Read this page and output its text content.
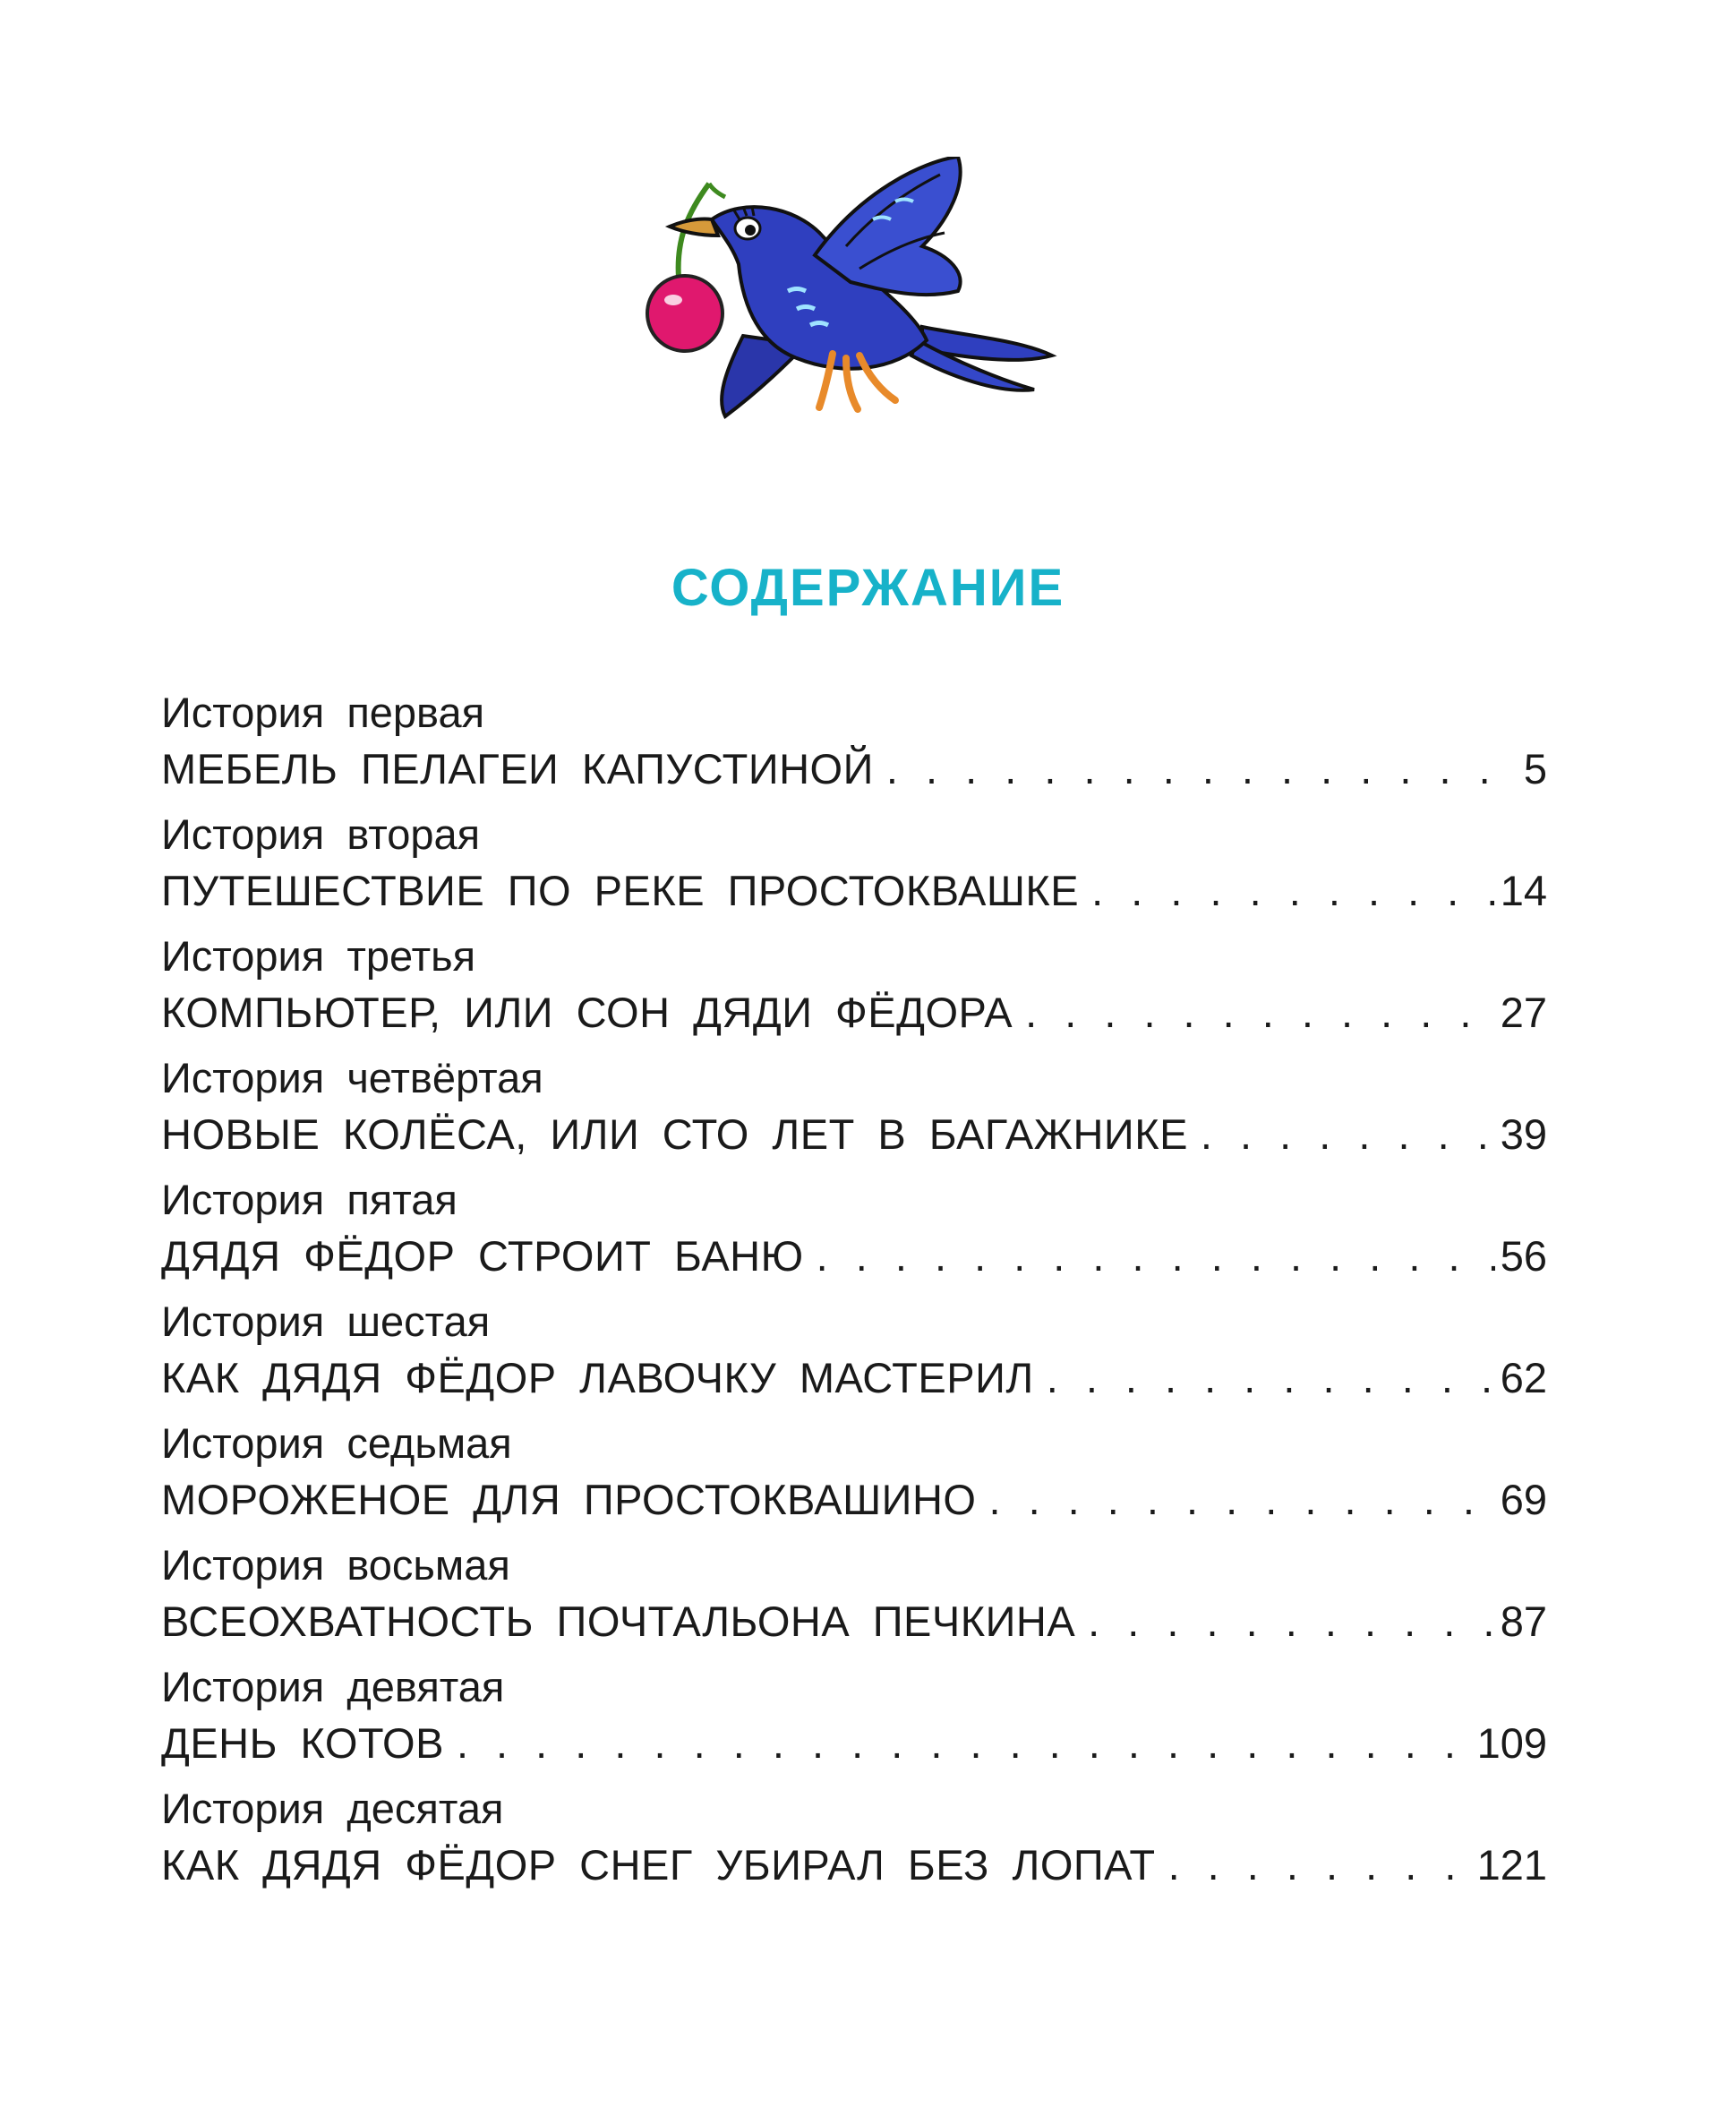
СОДЕРЖАНИЕ
История первая
МЕБЕЛЬ ПЕЛАГЕИ КАПУСТИНОЙ . . .	5
История вторая
ПУТЕШЕСТВИЕ ПО РЕКЕ ПРОСТОКВАШКЕ . . .	14
История третья
КОМПЬЮТЕР, ИЛИ СОН ДЯДИ ФЁДОРА . . .	27
История четвёртая
НОВЫЕ КОЛЁСА, ИЛИ СТО ЛЕТ В БАГАЖНИКЕ . . .	39
История пятая
ДЯДЯ ФЁДОР СТРОИТ БАНЮ . . .	56
История шестая
КАК ДЯДЯ ФЁДОР ЛАВОЧКУ МАСТЕРИЛ . . .	62
История седьмая
МОРОЖЕНОЕ ДЛЯ ПРОСТОКВАШИНО . . .	69
История восьмая
ВСЕОХВАТНОСТЬ ПОЧТАЛЬОНА ПЕЧКИНА . . .	87
История девятая
ДЕНЬ КОТОВ . . .	109
История десятая
КАК ДЯДЯ ФЁДОР СНЕГ УБИРАЛ БЕЗ ЛОПАТ . . .	121
